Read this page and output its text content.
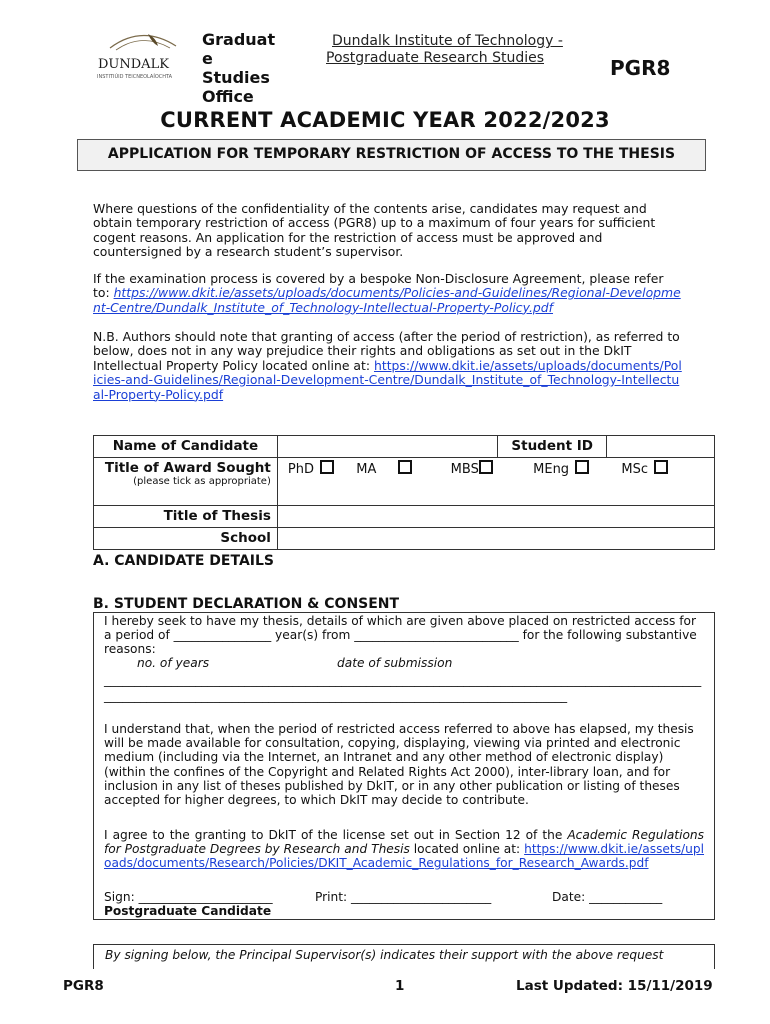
DUNDALK
INSTITIÚID TEICNEOLAÍOCHTA
Graduat
e
Studies
Office
Dundalk Institute of Technology -
Postgraduate Research Studies	PGR8
CURRENT ACADEMIC YEAR 2022/2023
APPLICATION FOR TEMPORARY RESTRICTION OF ACCESS TO THE THESIS
Where questions of the confidentiality of the contents arise, candidates may request and obtain temporary restriction of access (PGR8) up to a maximum of four years for sufficient cogent reasons. An application for the restriction of access must be approved and countersigned by a research student’s supervisor.
If the examination process is covered by a bespoke Non-Disclosure Agreement, please refer to: https://www.dkit.ie/assets/uploads/documents/Policies-and-Guidelines/Regional-Development-Centre/Dundalk_Institute_of_Technology-Intellectual-Property-Policy.pdf
N.B. Authors should note that granting of access (after the period of restriction), as referred to below, does not in any way prejudice their rights and obligations as set out in the DkIT Intellectual Property Policy located online at: https://www.dkit.ie/assets/uploads/documents/Policies-and-Guidelines/Regional-Development-Centre/Dundalk_Institute_of_Technology-Intellectual-Property-Policy.pdf
Name of Candidate		Student ID	

Title of Award Sought
(please tick as appropriate)	PhD MA MBS MEng MSc		
Title of Thesis			
School			
A. CANDIDATE DETAILS
B. STUDENT DECLARATION & CONSENT
I hereby seek to have my thesis, details of which are given above placed on restricted access for a period of ________________ year(s) from ___________________________ for the following substantive reasons:
no. of years	date of submission
______________________________________________________________________________________________________________________________________________________________________________
I understand that, when the period of restricted access referred to above has elapsed, my thesis will be made available for consultation, copying, displaying, viewing via printed and electronic medium (including via the Internet, an Intranet and any other method of electronic display) (within the confines of the Copyright and Related Rights Act 2000), inter-library loan, and for inclusion in any list of theses published by DkIT, or in any other publication or listing of theses accepted for higher degrees, to which DkIT may decide to contribute.
I agree to the granting to DkIT of the license set out in Section 12 of the Academic Regulations for Postgraduate Degrees by Research and Thesis located online at: https://www.dkit.ie/assets/uploads/documents/Research/Policies/DKIT_Academic_Regulations_for_Research_Awards.pdf
Sign: ______________________	Print: _______________________	Date: ____________
Postgraduate Candidate
By signing below, the Principal Supervisor(s) indicates their support with the above request
PGR8	1	Last Updated: 15/11/2019
